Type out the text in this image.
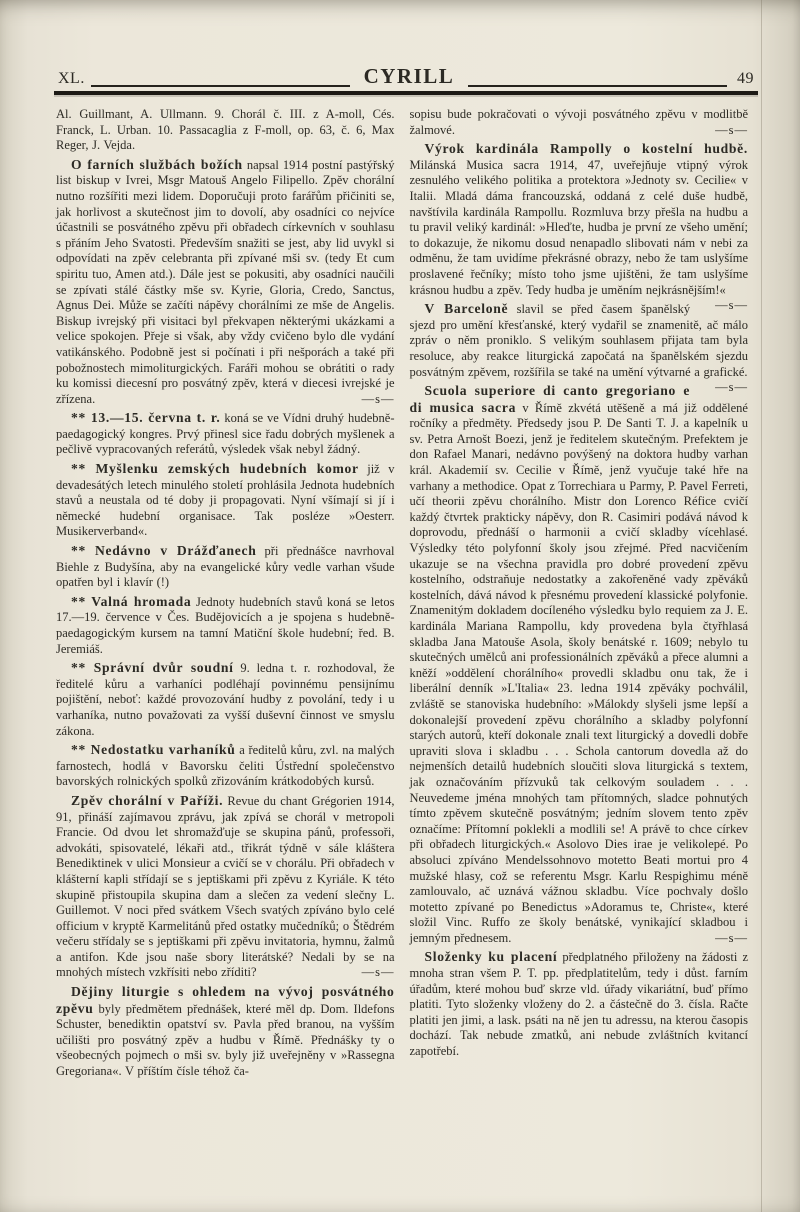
XL.	CYRILL	49

Al. Guillmant, A. Ullmann. 9. Chorál č. III. z A-moll, Cés. Franck, L. Urban. 10. Passacaglia z F-moll, op. 63, č. 6, Max Reger, J. Vejda.

O farních službách božích napsal 1914 postní pastýřský list biskup v Ivrei, Msgr Matouš Angelo Filipello. Zpěv chorální nutno rozšířiti mezi lidem. Doporučuji proto farářům přičiniti se, jak horlivost a skutečnost jim to dovolí, aby osadníci co nejvíce účastnili se posvátného zpěvu při obřadech církevních v souhlasu s přáním Jeho Svatosti. Především snažiti se jest, aby lid uvykl si odpovídati na zpěv celebranta při zpívané mši sv. (tedy Et cum spiritu tuo, Amen atd.). Dále jest se pokusiti, aby osadníci naučili se zpívati stálé částky mše sv. Kyrie, Gloria, Credo, Sanctus, Agnus Dei. Může se začíti nápěvy chorálními ze mše de Angelis. Biskup ivrejský při visitaci byl překvapen některými ukázkami a velice spokojen. Přeje si však, aby vždy cvičeno bylo dle vydání vatikánského. Podobně jest si počínati i při nešporách a také při pobožnostech mimoliturgických. Faráři mohou se obrátiti o rady ku komissi diecesní pro posvátný zpěv, která v diecesi ivrejské je zřízena.	—s—

** 13.—15. června t. r. koná se ve Vídni druhý hudebně-paedagogický kongres. Prvý přinesl sice řadu dobrých myšlenek a pečlivě vypracovaných referátů, výsledek však nebyl žádný.

** Myšlenku zemských hudebních komor již v devadesátých letech minulého století prohlásila Jednota hudebních stavů a neustala od té doby ji propagovati. Nyní všímají si jí i německé hudební organisace. Tak posléze »Oesterr. Musikerverband«.

** Nedávno v Drážďanech při přednášce navrhoval Biehle z Budyšína, aby na evangelické kůry vedle varhan všude opatřen byl i klavír (!)

** Valná hromada Jednoty hudebních stavů koná se letos 17.—19. července v Čes. Budějovicích a je spojena s hudebně-paedagogickým kursem na tamní Matiční škole hudební; řed. B. Jeremiáš.

** Správní dvůr soudní 9. ledna t. r. rozhodoval, že ředitelé kůru a varhaníci podléhají povinnému pensijnímu pojištění, neboť: každé provozování hudby z povolání, tedy i u varhaníka, nutno považovati za vyšší duševní činnost ve smyslu zákona.

** Nedostatku varhaníků a ředitelů kůru, zvl. na malých farnostech, hodlá v Bavorsku čeliti Ústřední společenstvo bavorských rolnických spolků zřizováním krátkodobých kursů.

Zpěv chorální v Paříži. Revue du chant Grégorien 1914, 91, přináší zajímavou zprávu, jak zpívá se chorál v metropoli Francie. Od dvou let shromažďuje se skupina pánů, professoři, advokáti, spisovatelé, lékaři atd., třikrát týdně v sále kláštera Benediktinek v ulici Monsieur a cvičí se v chorálu. Při obřadech v klášterní kapli střídají se s jeptiškami při zpěvu z Kyriále. K této skupině přistoupila skupina dam a slečen za vedení slečny L. Guillemot. V noci před svátkem Všech svatých zpíváno bylo celé officium v kryptě Karmelitánů před ostatky mučedníků; o Štědrém večeru střídaly se s jeptiškami při zpěvu invitatoria, hymnu, žalmů a antifon. Kde jsou naše sbory literátské? Nedali by se na mnohých místech vzkřísiti nebo zříditi?	—s—

Dějiny liturgie s ohledem na vývoj posvátného zpěvu byly předmětem přednášek, které měl dp. Dom. Ildefons Schuster, benediktin opatství sv. Pavla před branou, na vyšším učilišti pro posvátný zpěv a hudbu v Římě. Přednášky ty o všeobecných pojmech o mši sv. byly již uveřejněny v »Rassegna Gregoriana«. V příštím čísle téhož ča-

sopisu bude pokračovati o vývoji posvátného zpěvu v modlitbě žalmové.	—s—

Výrok kardinála Rampolly o kostelní hudbě. Milánská Musica sacra 1914, 47, uveřejňuje vtipný výrok zesnulého velikého politika a protektora »Jednoty sv. Cecilie« v Italii. Mladá dáma francouzská, oddaná z celé duše hudbě, navštívila kardinála Rampollu. Rozmluva brzy přešla na hudbu a tu pravil veliký kardinál: »Hleďte, hudba je první ze všeho umění; to dokazuje, že nikomu dosud nenapadlo slibovati nám v nebi za odměnu, že tam uvidíme překrásné obrazy, nebo že tam uslyšíme proslavené řečníky; místo toho jsme ujištěni, že tam uslyšíme krásnou hudbu a zpěv. Tedy hudba je uměním nejkrásnějším!«
—s—

V Barceloně slavil se před časem španělský sjezd pro umění křesťanské, který vydařil se znamenitě, ač málo zpráv o něm proniklo. S velikým souhlasem přijata tam byla resoluce, aby reakce liturgická započatá na španělském sjezdu posvátným zpěvem, rozšířila se také na umění výtvarné a grafické.
—s—

Scuola superiore di canto gregoriano e di musica sacra v Římě zkvétá utěšeně a má již oddělené ročníky a předměty. Předsedy jsou P. De Santi T. J. a kapelník u sv. Petra Arnošt Boezi, jenž je ředitelem skutečným. Prefektem je don Rafael Manari, nedávno povýšený na doktora hudby varhan král. Akademií sv. Cecilie v Římě, jenž vyučuje také hře na varhany a methodice. Opat z Torrechiara u Parmy, P. Pavel Ferreti, učí theorii zpěvu chorálního. Mistr don Lorenco Réfice cvičí každý čtvrtek prakticky nápěvy, don R. Casimiri podává návod k doprovodu, přednáší o harmonii a cvičí skladby vícehlasé. Výsledky této polyfonní školy jsou zřejmé. Před nacvičením ukazuje se na všechna pravidla pro dobré provedení zpěvu kostelního, odstraňuje nedostatky a zakořeněné vady zpěváků kostelních, dává návod k přesnému provedení klassické polyfonie. Znamenitým dokladem docíleného výsledku bylo requiem za J. E. kardinála Mariana Rampollu, kdy provedena byla čtyřhlasá skladba Jana Matouše Asola, školy benátské r. 1609; nebylo tu skutečných umělců ani professionálních zpěváků a přece alumni a kněží »oddělení chorálního« provedli skladbu onu tak, že i liberální denník »L'Italia« 23. ledna 1914 zpěváky pochválil, zvláště se stanoviska hudebního: »Málokdy slyšeli jsme lepší a dokonalejší provedení zpěvu chorálního a skladby polyfonní starých autorů, kteří dokonale znali text liturgický a dovedli dobře upraviti slova i skladbu . . . Schola cantorum dovedla až do nejmenších detailů hudebních sloučiti slova liturgická s textem, jak označováním přízvuků tak celkovým souladem . . . Neuvedeme jména mnohých tam přítomných, sladce pohnutých tímto zpěvem skutečně posvátným; jedním slovem tento zpěv označíme: Přítomní poklekli a modlili se! A právě to chce církev při obřadech liturgických.« Asolovo Dies irae je velikolepé. Po absoluci zpíváno Mendelssohnovo motetto Beati mortui pro 4 mužské hlasy, což se referentu Msgr. Karlu Respighimu méně zamlouvalo, ač uznává vážnou skladbu. Více pochvaly došlo motetto zpívané po Benedictus »Adoramus te, Christe«, které složil Vinc. Ruffo ze školy benátské, vynikající skladbou i jemným přednesem.	—s—

Složenky ku placení předplatného přiloženy na žádosti z mnoha stran všem P. T. pp. předplatitelům, tedy i důst. farním úřadům, které mohou buď skrze vld. úřady vikariátní, buď přímo platiti. Tyto složenky vloženy do 2. a částečně do 3. čísla. Račte platiti jen jimi, a lask. psáti na ně jen tu adressu, na kterou časopis dochází. Tak nebude zmatků, ani nebude zvláštních kvitancí zapotřebí.
